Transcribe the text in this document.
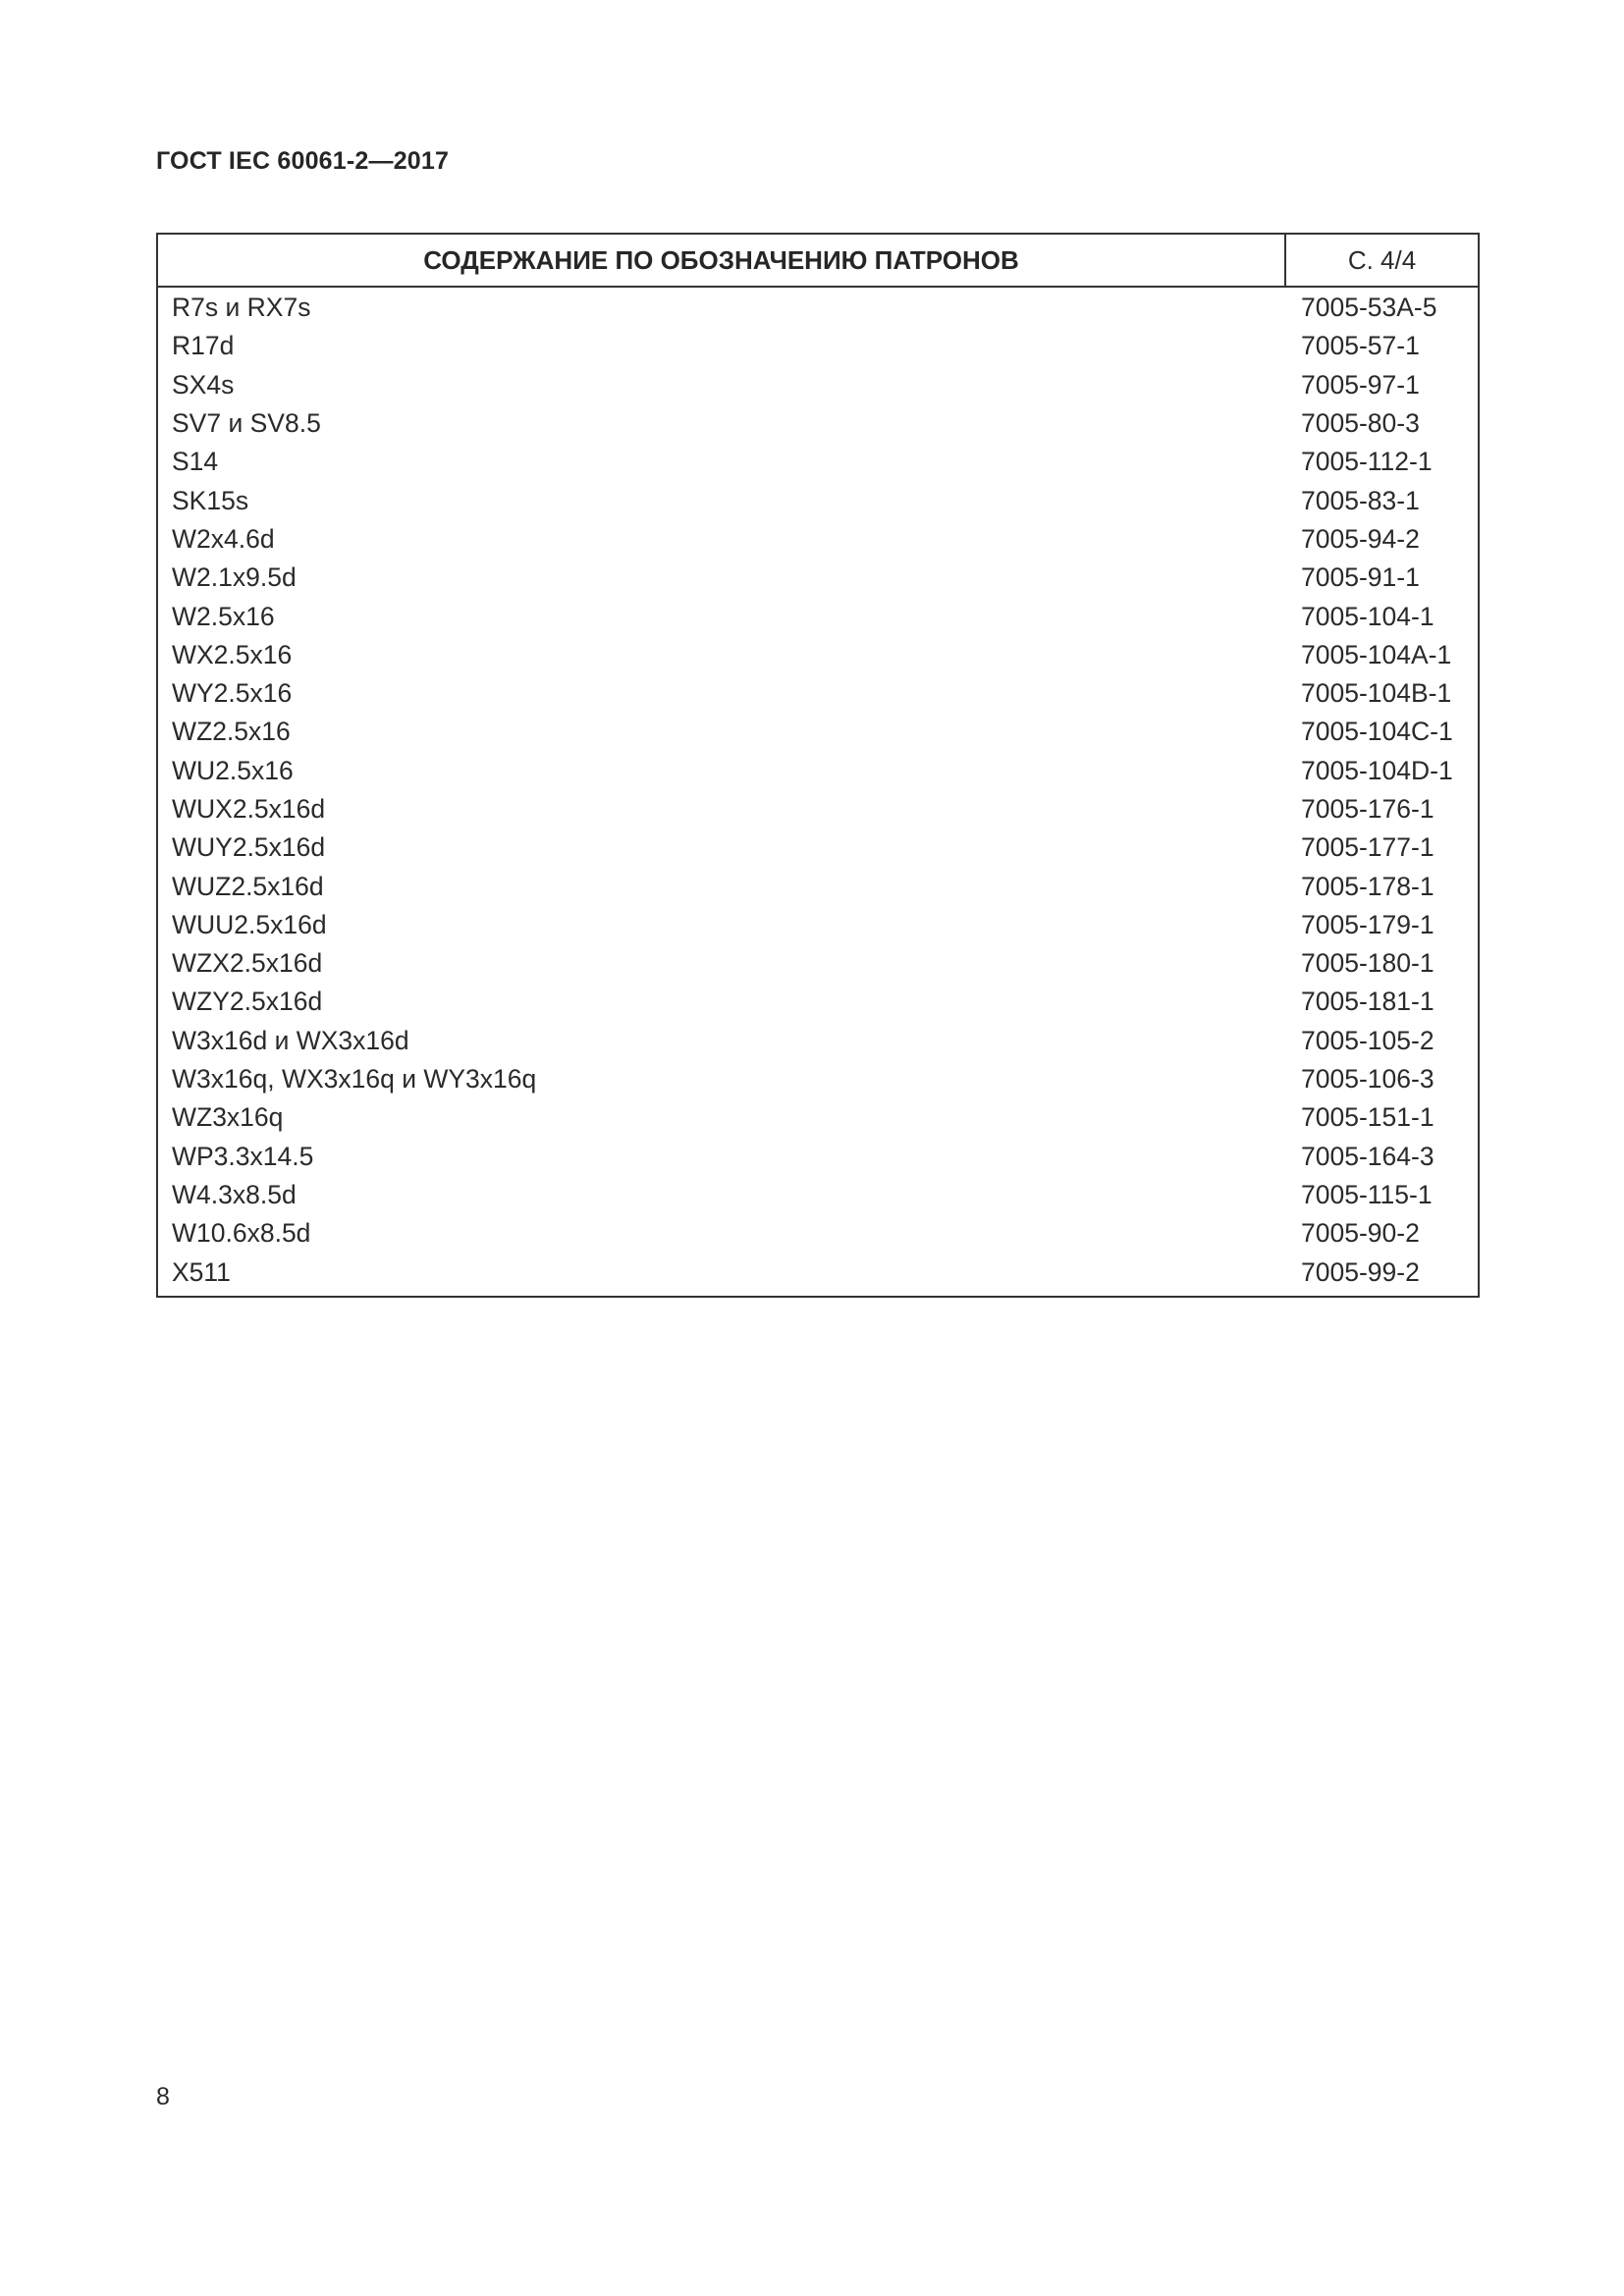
ГОСТ IEC 60061-2—2017
СОДЕРЖАНИЕ ПО ОБОЗНАЧЕНИЮ ПАТРОНОВ	С. 4/4
R7s и RX7s	7005-53A-5
R17d	7005-57-1
SX4s	7005-97-1
SV7 и SV8.5	7005-80-3
S14	7005-112-1
SK15s	7005-83-1
W2x4.6d	7005-94-2
W2.1x9.5d	7005-91-1
W2.5x16	7005-104-1
WX2.5x16	7005-104A-1
WY2.5x16	7005-104B-1
WZ2.5x16	7005-104C-1
WU2.5x16	7005-104D-1
WUX2.5x16d	7005-176-1
WUY2.5x16d	7005-177-1
WUZ2.5x16d	7005-178-1
WUU2.5x16d	7005-179-1
WZX2.5x16d	7005-180-1
WZY2.5x16d	7005-181-1
W3x16d и WX3x16d	7005-105-2
W3x16q, WX3x16q и WY3x16q	7005-106-3
WZ3x16q	7005-151-1
WP3.3x14.5	7005-164-3
W4.3x8.5d	7005-115-1
W10.6x8.5d	7005-90-2
X511	7005-99-2
8
